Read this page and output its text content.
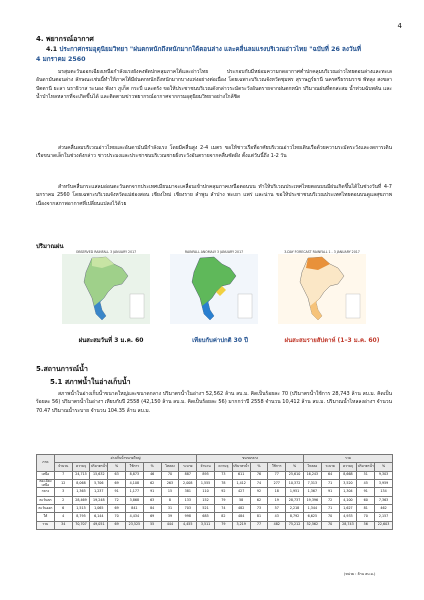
4
4. พยากรณ์อากาศ
4.1 ประกาศกรมอุตุนิยมวิทยา "ฝนตกหนักถึงหนักมากใต้ตอนล่าง และคลื่นลมแรงบริเวณอ่าวไทย "ฉบับที่ 26 ลงวันที่
4 มกราคม 2560
มรสุมตะวันออกเฉียงเหนือกำลังแรงยังคงพัดปกคลุมภาคใต้และอ่าวไทย ประกอบกับมีหย่อมความกดอากาศต่ำปกคลุมบริเวณอ่าวไทยตอนล่างและทะเลอันดามันตอนล่าง ลักษณะเช่นนี้ทำให้ภาคใต้มีฝนตกหนักถึงหนักมากบางแห่งอย่างต่อเนื่อง โดยเฉพาะบริเวณจังหวัดชุมพร สุราษฎร์ธานี นครศรีธรรมราช พัทลุง สงขลา ปัตตานี ยะลา นราธิวาส ระนอง พังงา ภูเก็ต กระบี่ และตรัง ขอให้ประชาชนบริเวณดังกล่าวระมัดระวังอันตรายจากฝนตกหนัก ปริมาณฝนที่ตกสะสม น้ำท่วมฉับพลัน และน้ำป่าไหลหลากที่จะเกิดขึ้นได้ และติดตามข่าวพยากรณ์อากาศจากกรมอุตุนิยมวิทยาอย่างใกล้ชิด
ส่วนคลื่นลมบริเวณอ่าวไทยและอันดามันมีกำลังแรง โดยมีคลื่นสูง 2-4 เมตร ขอให้ชาวเรือที่อาศัยบริเวณอ่าวไทยเดินเรือด้วยความระมัดระวังและงดการเดินเรือขนาดเล็กในช่วงดังกล่าว ชาวประมงและประชาชนบริเวณชายฝั่งระวังอันตรายจากคลื่นซัดฝั่ง ตั้งแต่วันนี้ถึง 1-2 วัน
สำหรับคลื่นกระแสลมอ่อนตะวันตกจากประเทศเมียนมาจะเคลื่อนเข้าปกคลุมภาคเหนือตอนบน ทำให้บริเวณประเทศไทยตอนบนมีฝนเกิดขึ้นได้ในช่วงวันที่ 4-7 มกราคม 2560 โดยเฉพาะบริเวณจังหวัดแม่ฮ่องสอน เชียงใหม่ เชียงราย ลำพูน ลำปาง พะเยา แพร่ และน่าน ขอให้ประชาชนบริเวณประเทศไทยตอนบนดูแลสุขภาพเนื่องจากสภาพอากาศที่เปลี่ยนแปลงไว้ด้วย
ปริมาณฝน
OBSERVED RAINFALL 3 JANUARY 2017	RAINFALL ANOMALY 3 JANUARY 2017	3-DAY FORECAST RAINFALL 1 - 3 JANUARY 2017
ฝนสะสมวันที่ 3 ม.ค. 60	เทียบกับค่าปกติ 30 ปี	ฝนสะสมรายสัปดาห์ (1–3 ม.ค. 60)
5.สถานการณ์น้ำ
5.1 สภาพน้ำในอ่างเก็บน้ำ
สภาพน้ำในอ่างเก็บน้ำขนาดใหญ่และขนาดกลาง ปริมาตรน้ำในอ่างฯ 52,562 ล้าน ลบ.ม. คิดเป็นร้อยละ 70 (ปริมาตรน้ำใช้การ 28,743 ล้าน ลบ.ม. คิดเป็นร้อยละ 56) ปริมาตรน้ำในอ่างฯ เทียบกับปี 2558 (42,150 ล้าน ลบ.ม. คิดเป็นร้อยละ 56) มากกว่าปี 2558 จำนวน 10,412 ล้าน ลบ.ม. ปริมาณน้ำไหลลงอ่างฯ จำนวน 70.47 ปริมาณน้ำระบาย จำนวน 104.35 ล้าน ลบ.ม.
ภาค	อ่างเก็บน้ำขนาดใหญ่								ขนาดกลาง						รวม				
	จำนวน	ความจุ	ปริมาตรน้ำ	%	ใช้การ	%	ไหลลง	ระบาย	จำนวน	ความจุ	ปริมาตรน้ำ	%	ใช้การ	%	ไหลลง	ระบาย	ความจุ	ปริมาตรน้ำ	%
เหนือ	7	24,715	15,632	63	8,873	46	70	887	895	73	611	76	77	25,610	16,243	64	8,668	51	9,303
ตอ.เฉียงเหนือ	12	8,068	5,706	69	4,108	62	263	2,008	1,555	78	1,412	74	277	10,372	7,313	71	3,520	45	3,959
กลาง	3	1,365	1,237	91	1,177	91	15	381	110	92	427	92	18	1,951	1,367	91	1,304	91	134
ตะวันตก	2	28,469	19,248	72	3,868	63	8	133	152	79	58	62	19	28,737	19,396	72	4,100	60	7,363
ตะวันออก	6	1,515	1,065	69	841	84	31	703	521	74	482	73	57	2,218	1,344	71	1,627	81	462
ใต้	4	8,795	6,144	70	4,434	69	39	998	685	82	484	81	43	8,792	6,625	70	4,933	70	2,157
รวม	34	70,707	49,051	69	23,525	55	444	4,455	3,511	79	3,219	77	482	75,212	52,562	70	28,743	56	22,603
(หน่วย : ล้าน ลบ.ม.)
